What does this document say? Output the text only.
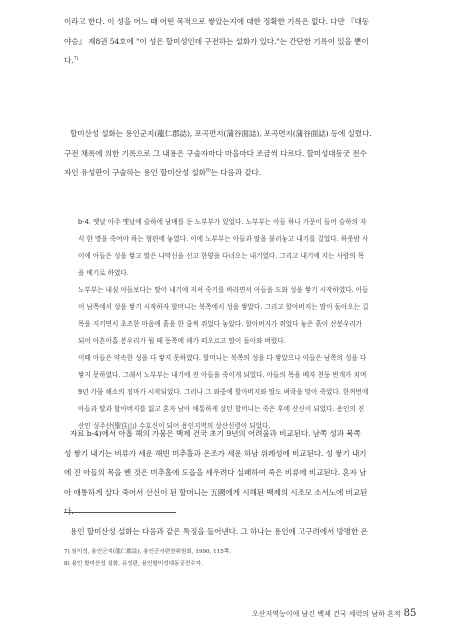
이라고 한다. 이 성을 어느 때 어떤 목적으로 쌓았는지에 대한 정확한 기록은 없다. 다만 『대동
야승』 제8권 54호에 "이 성은 할미성인데 구전하는 설화가 있다."는 간단한 기록이 있을 뿐이
다.$^{7)}$

할미산성 설화는 용인군지(龍仁郡誌), 포곡면지(蒲谷面誌), 포곡면지(蒲谷面誌) 등에 실렸다.
구전 채록에 의한 기록으로 그 내용은 구술자마다 마을마다 조금씩 다르다. 할미성대동굿 전수
자인 유성판이 구술하는 용인 할미산성 설화$^{8)}$는 다음과 같다.

b-4. 옛날 아주 옛날에 슬하에 남매를 둔 노부부가 있었다. 노부부는 아들 하나 가문이 들어 슬하의 자
식 한 명을 죽여야 하는 형편에 놓였다. 이에 노부부는 아들과 딸을 불러놓고 내기를 걸었다. 하룻밤 사
이에 아들은 성을 쌓고 딸은 나막신을 신고 한양을 다녀오는 내기였다. 그리고 내기에 지는 사람의 목
을 베기로 하였다.
노부부는 내심 아들보다는 딸이 내기에 지셔 죽기를 바라면서 아들을 도와 성을 쌓기 시작하였다. 아들
이 남쪽에서 성을 쌓기 시작하자 할머니는 북쪽에서 성을 쌓았다. 그리고 할아버지는 딸이 돌아오는 길
목을 지키면서 초조한 마음에 흙을 한 줌씩 쥐었다 놓았다. 할아버지가 쥐었다 놓은 흙이 산봉우리가
되어 아흔아홉 봉우리가 될 때 동쪽에 해가 떠오르고 딸이 돌아와 버렸다.
이때 아들은 약속한 성을 다 쌓지 못하였다. 할머니는 북쪽의 성을 다 쌓았으나 아들은 남쪽의 성을 다
쌓지 못하였다. 그래서 노부부는 내기에 진 아들을 죽이게 되었다. 아들의 목을 베자 천둥 번개가 치며
9년 가뭄 해소의 징마가 시작되었다. 그러나 그 와중에 할아버지와 딸도 벼락을 맞아 죽었다. 한꺼번에
아들과 딸과 할아버지를 잃고 혼자 남아 애통하게 살던 할머니는 죽은 후에 산신이 되었다. 용인의 진
산인 성주산(聖住山) 수호신이 되어 용인지역의 상산신령이 되었다.

자료 b-4)에서 아홉 해의 가뭄은 백제 건국 초기 9년의 어려움과 비교된다. 남쪽 성과 북쪽
성 쌓기 내기는 비류가 세운 해빈 미추홀과 온조가 세운 하남 위례성에 비교된다. 성 쌓기 내기
에 진 아들의 목을 벤 것은 미추홀에 도읍을 세우려다 실패하여 죽은 비류에 비교된다. 혼자 남
아 애통하게 살다 죽어서 산신이 된 할머니는 五國에게 시해된 백제의 시조모 소서노에 비교된
다.

용인 할미산성 설화는 다음과 같은 특징을 들어낸다. 그 하나는 용인에 고구려에서 망명한 온

7) 임이성, 용인군지(龍仁郡誌), 용인군사편찬위원회, 1990, 115쪽.
8) 용인 할미산성 설화, 유성판, 용인할미성대동굿전수자.
오산지역능이에 남긴 백제 건국 세력의 남하 흔적 85
